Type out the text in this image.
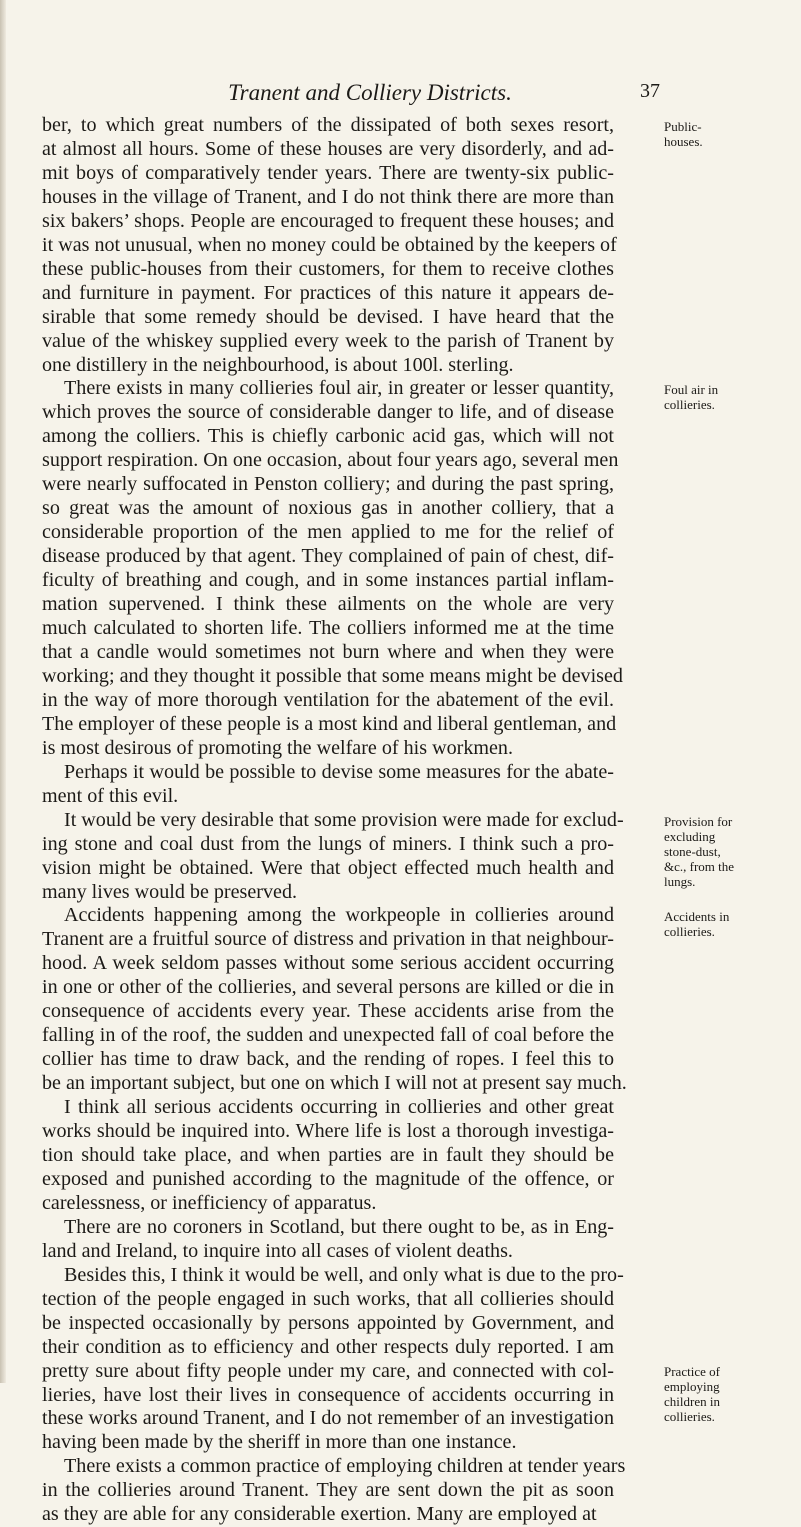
Tranent and Colliery Districts.	37
ber, to which great numbers of the dissipated of both sexes resort,
at almost all hours. Some of these houses are very disorderly, and ad-
mit boys of comparatively tender years. There are twenty-six public-
houses in the village of Tranent, and I do not think there are more than
six bakers’ shops. People are encouraged to frequent these houses; and
it was not unusual, when no money could be obtained by the keepers of
these public-houses from their customers, for them to receive clothes
and furniture in payment. For practices of this nature it appears de-
sirable that some remedy should be devised. I have heard that the
value of the whiskey supplied every week to the parish of Tranent by
one distillery in the neighbourhood, is about 100l. sterling.
There exists in many collieries foul air, in greater or lesser quantity,
which proves the source of considerable danger to life, and of disease
among the colliers. This is chiefly carbonic acid gas, which will not
support respiration. On one occasion, about four years ago, several men
were nearly suffocated in Penston colliery; and during the past spring,
so great was the amount of noxious gas in another colliery, that a
considerable proportion of the men applied to me for the relief of
disease produced by that agent. They complained of pain of chest, dif-
ficulty of breathing and cough, and in some instances partial inflam-
mation supervened. I think these ailments on the whole are very
much calculated to shorten life. The colliers informed me at the time
that a candle would sometimes not burn where and when they were
working; and they thought it possible that some means might be devised
in the way of more thorough ventilation for the abatement of the evil.
The employer of these people is a most kind and liberal gentleman, and
is most desirous of promoting the welfare of his workmen.
Perhaps it would be possible to devise some measures for the abate-
ment of this evil.
It would be very desirable that some provision were made for exclud-
ing stone and coal dust from the lungs of miners. I think such a pro-
vision might be obtained. Were that object effected much health and
many lives would be preserved.
Accidents happening among the workpeople in collieries around
Tranent are a fruitful source of distress and privation in that neighbour-
hood. A week seldom passes without some serious accident occurring
in one or other of the collieries, and several persons are killed or die in
consequence of accidents every year. These accidents arise from the
falling in of the roof, the sudden and unexpected fall of coal before the
collier has time to draw back, and the rending of ropes. I feel this to
be an important subject, but one on which I will not at present say much.
I think all serious accidents occurring in collieries and other great
works should be inquired into. Where life is lost a thorough investiga-
tion should take place, and when parties are in fault they should be
exposed and punished according to the magnitude of the offence, or
carelessness, or inefficiency of apparatus.
There are no coroners in Scotland, but there ought to be, as in Eng-
land and Ireland, to inquire into all cases of violent deaths.
Besides this, I think it would be well, and only what is due to the pro-
tection of the people engaged in such works, that all collieries should
be inspected occasionally by persons appointed by Government, and
their condition as to efficiency and other respects duly reported. I am
pretty sure about fifty people under my care, and connected with col-
lieries, have lost their lives in consequence of accidents occurring in
these works around Tranent, and I do not remember of an investigation
having been made by the sheriff in more than one instance.
There exists a common practice of employing children at tender years
in the collieries around Tranent. They are sent down the pit as soon
as they are able for any considerable exertion. Many are employed at
Public-
houses.
Foul air in
collieries.
Provision for
excluding
stone-dust,
&c., from the
lungs.
Accidents in
collieries.
Practice of
employing
children in
collieries.
